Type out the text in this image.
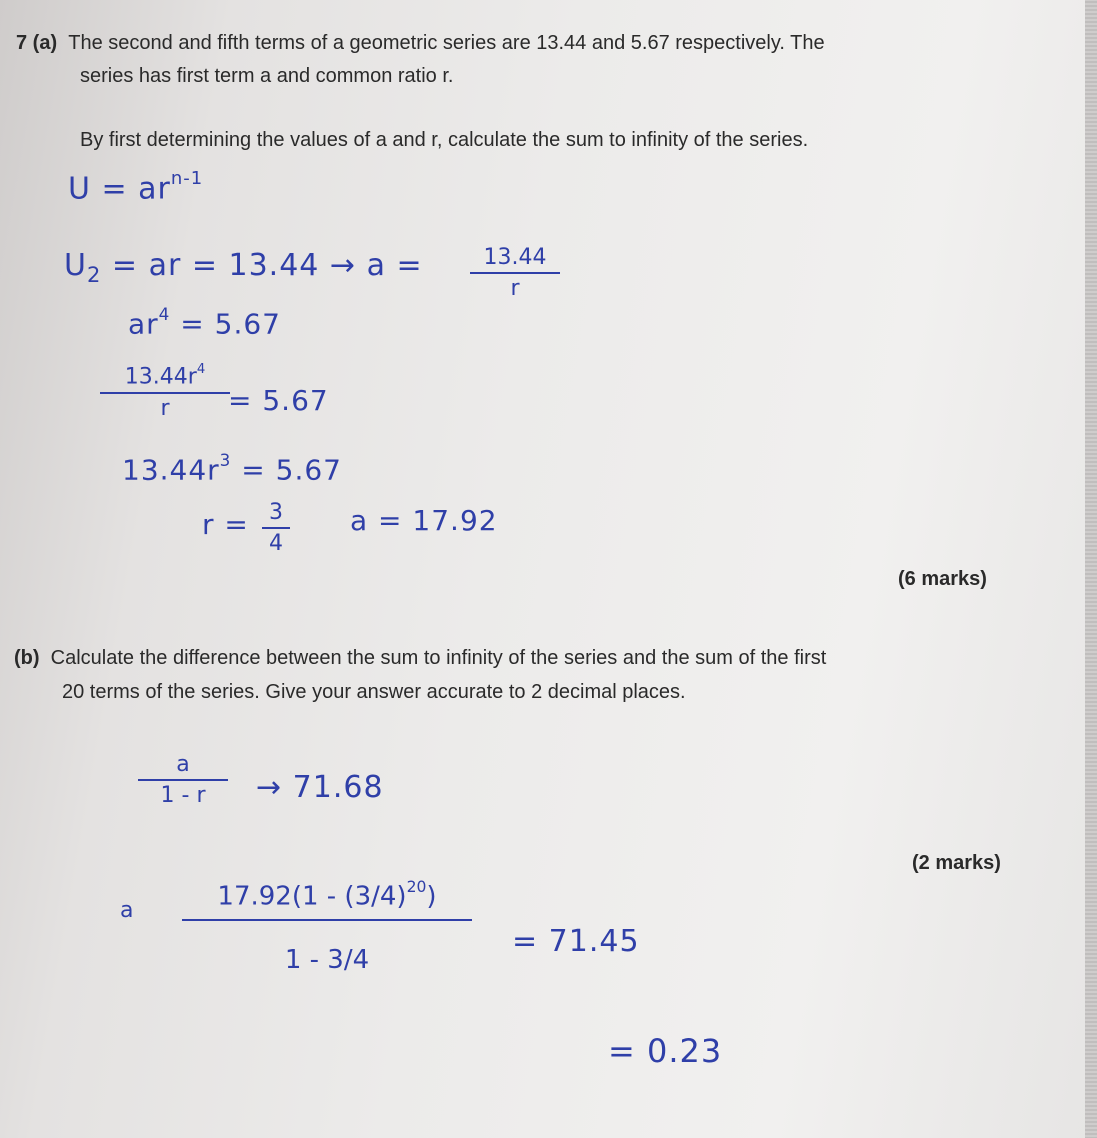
7 (a) The second and fifth terms of a geometric series are 13.44 and 5.67 respectively. The
series has first term a and common ratio r.
By first determining the values of a and r, calculate the sum to infinity of the series.
$U = ar^{n-1}$
$U_2$ = ar = 13.44 → a =	13.44
r
$ar^4 = 5.67$
$13.44r^4$
r	= 5.67
$13.44r^3 = 5.67$
r = 3
4
a = 17.92
(6 marks)
(b) Calculate the difference between the sum to infinity of the series and the sum of the first
20 terms of the series. Give your answer accurate to 2 decimal places.
a
1 - r	→ 71.68
(2 marks)
a	$17.92(1 - (3/4)^{20})$
1 - 3/4
= 71.45
= 0.23
